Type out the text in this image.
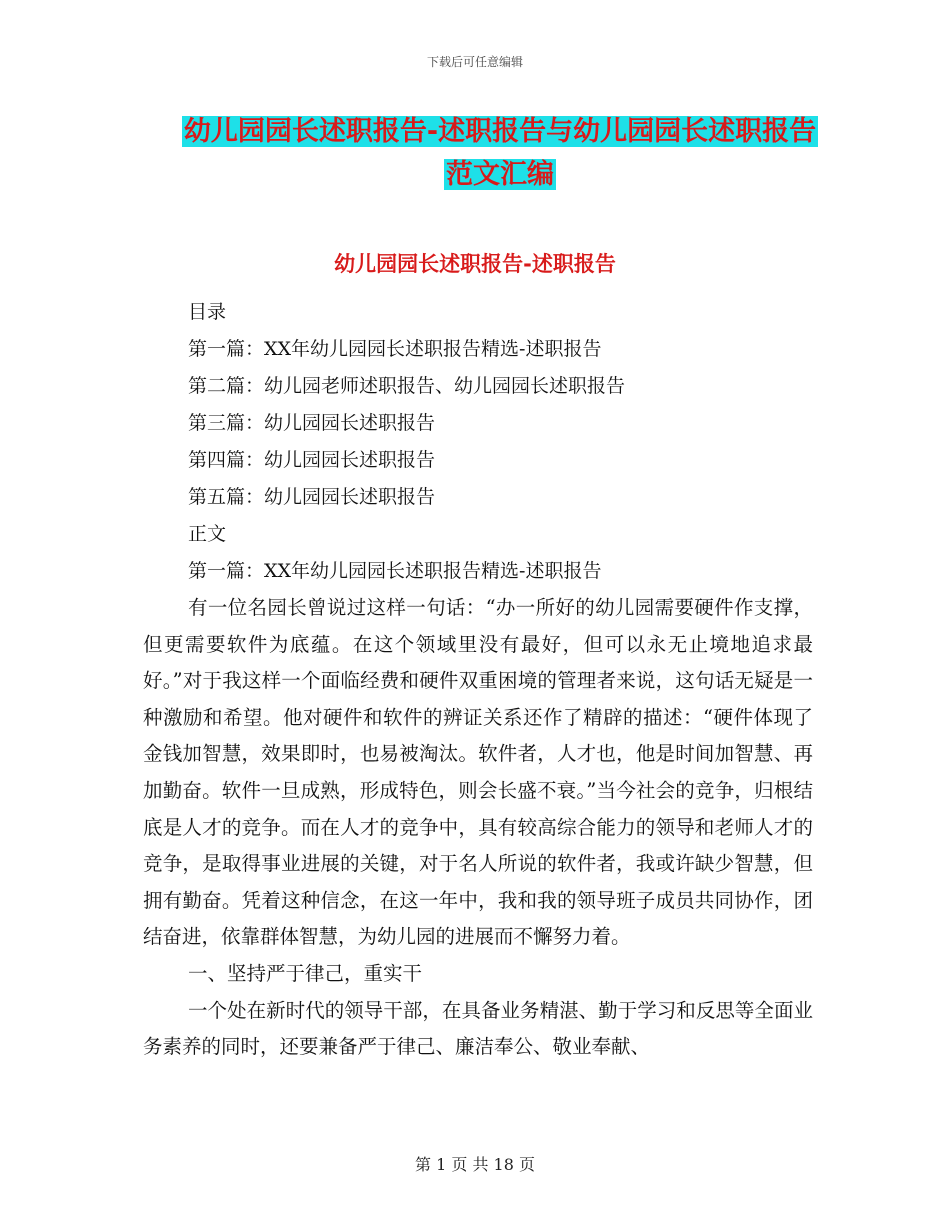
下载后可任意编辑
幼儿园园长述职报告-述职报告与幼儿园园长述职报告
范文汇编
幼儿园园长述职报告-述职报告
目录
第一篇：XX年幼儿园园长述职报告精选-述职报告
第二篇：幼儿园老师述职报告、幼儿园园长述职报告
第三篇：幼儿园园长述职报告
第四篇：幼儿园园长述职报告
第五篇：幼儿园园长述职报告
正文
第一篇：XX年幼儿园园长述职报告精选-述职报告

有一位名园长曾说过这样一句话：“办一所好的幼儿园需要硬件作支撑，但更需要软件为底蕴。在这个领域里没有最好，但可以永无止境地追求最好。”对于我这样一个面临经费和硬件双重困境的管理者来说，这句话无疑是一种激励和希望。他对硬件和软件的辨证关系还作了精辟的描述：“硬件体现了金钱加智慧，效果即时，也易被淘汰。软件者，人才也，他是时间加智慧、再加勤奋。软件一旦成熟，形成特色，则会长盛不衰。”当今社会的竞争，归根结底是人才的竞争。而在人才的竞争中，具有较高综合能力的领导和老师人才的竞争，是取得事业进展的关键，对于名人所说的软件者，我或许缺少智慧，但拥有勤奋。凭着这种信念，在这一年中，我和我的领导班子成员共同协作，团结奋进，依靠群体智慧，为幼儿园的进展而不懈努力着。

一、坚持严于律己，重实干

一个处在新时代的领导干部，在具备业务精湛、勤于学习和反思等全面业务素养的同时，还要兼备严于律己、廉洁奉公、敬业奉献、

第 1 页 共 18 页
